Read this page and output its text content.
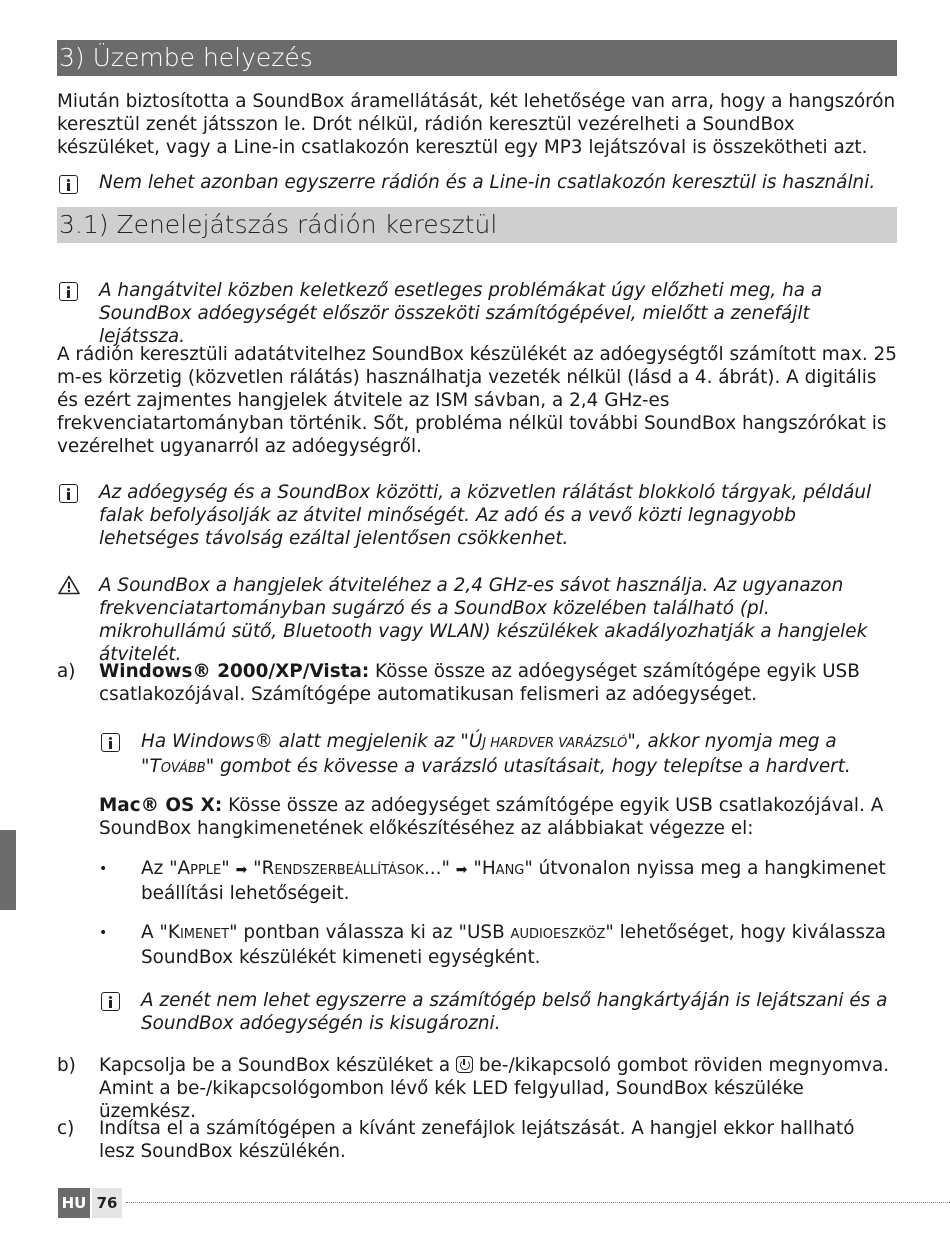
3) Üzembe helyezés

Miután biztosította a SoundBox áramellátását, két lehetősége van arra, hogy a hangszórón keresztül zenét játsszon le. Drót nélkül, rádión keresztül vezérelheti a SoundBox készüléket, vagy a Line-in csatlakozón keresztül egy MP3 lejátszóval is összekötheti azt.

Nem lehet azonban egyszerre rádión és a Line-in csatlakozón keresztül is használni.

3.1) Zenelejátszás rádión keresztül

A hangátvitel közben keletkező esetleges problémákat úgy előzheti meg, ha a SoundBox adóegységét először összeköti számítógépével, mielőtt a zenefájlt lejátssza.

A rádión keresztüli adatátvitelhez SoundBox készülékét az adóegységtől számított max. 25 m-es körzetig (közvetlen rálátás) használhatja vezeték nélkül (lásd a 4. ábrát). A digitális és ezért zajmentes hangjelek átvitele az ISM sávban, a 2,4 GHz-es frekvenciatartományban történik. Sőt, probléma nélkül további SoundBox hangszórókat is vezérelhet ugyanarról az adóegységről.

Az adóegység és a SoundBox közötti, a közvetlen rálátást blokkoló tárgyak, például falak befolyásolják az átvitel minőségét. Az adó és a vevő közti legnagyobb lehetséges távolság ezáltal jelentősen csökkenhet.

A SoundBox a hangjelek átviteléhez a 2,4 GHz-es sávot használja. Az ugyanazon frekvenciatartományban sugárzó és a SoundBox közelében található (pl. mikrohullámú sütő, Bluetooth vagy WLAN) készülékek akadályozhatják a hangjelek átvitelét.

a) Windows® 2000/XP/Vista: Kösse össze az adóegységet számítógépe egyik USB csatlakozójával. Számítógépe automatikusan felismeri az adóegységet.

Ha Windows® alatt megjelenik az "ÚJ HARDVER VARÁZSLÓ", akkor nyomja meg a "TOVÁBB" gombot és kövesse a varázsló utasításait, hogy telepítse a hardvert.

Mac® OS X: Kösse össze az adóegységet számítógépe egyik USB csatlakozójával. A SoundBox hangkimenetének előkészítéséhez az alábbiakat végezze el:

• Az "APPLE" ➡ "RENDSZERBEÁLLÍTÁSOK..." ➡ "HANG" útvonalon nyissa meg a hangkimenet beállítási lehetőségeit.

• A "KIMENET" pontban válassza ki az "USB AUDIOESZKÖZ" lehetőséget, hogy kiválassza SoundBox készülékét kimeneti egységként.

A zenét nem lehet egyszerre a számítógép belső hangkártyáján is lejátszani és a SoundBox adóegységén is kisugározni.

b) Kapcsolja be a SoundBox készüléket a  be-/kikapcsoló gombot röviden megnyomva. Amint a be-/kikapcsológombon lévő kék LED felgyullad, SoundBox készüléke üzemkész.

c) Indítsa el a számítógépen a kívánt zenefájlok lejátszását. A hangjel ekkor hallható lesz SoundBox készülékén.

HU 76
